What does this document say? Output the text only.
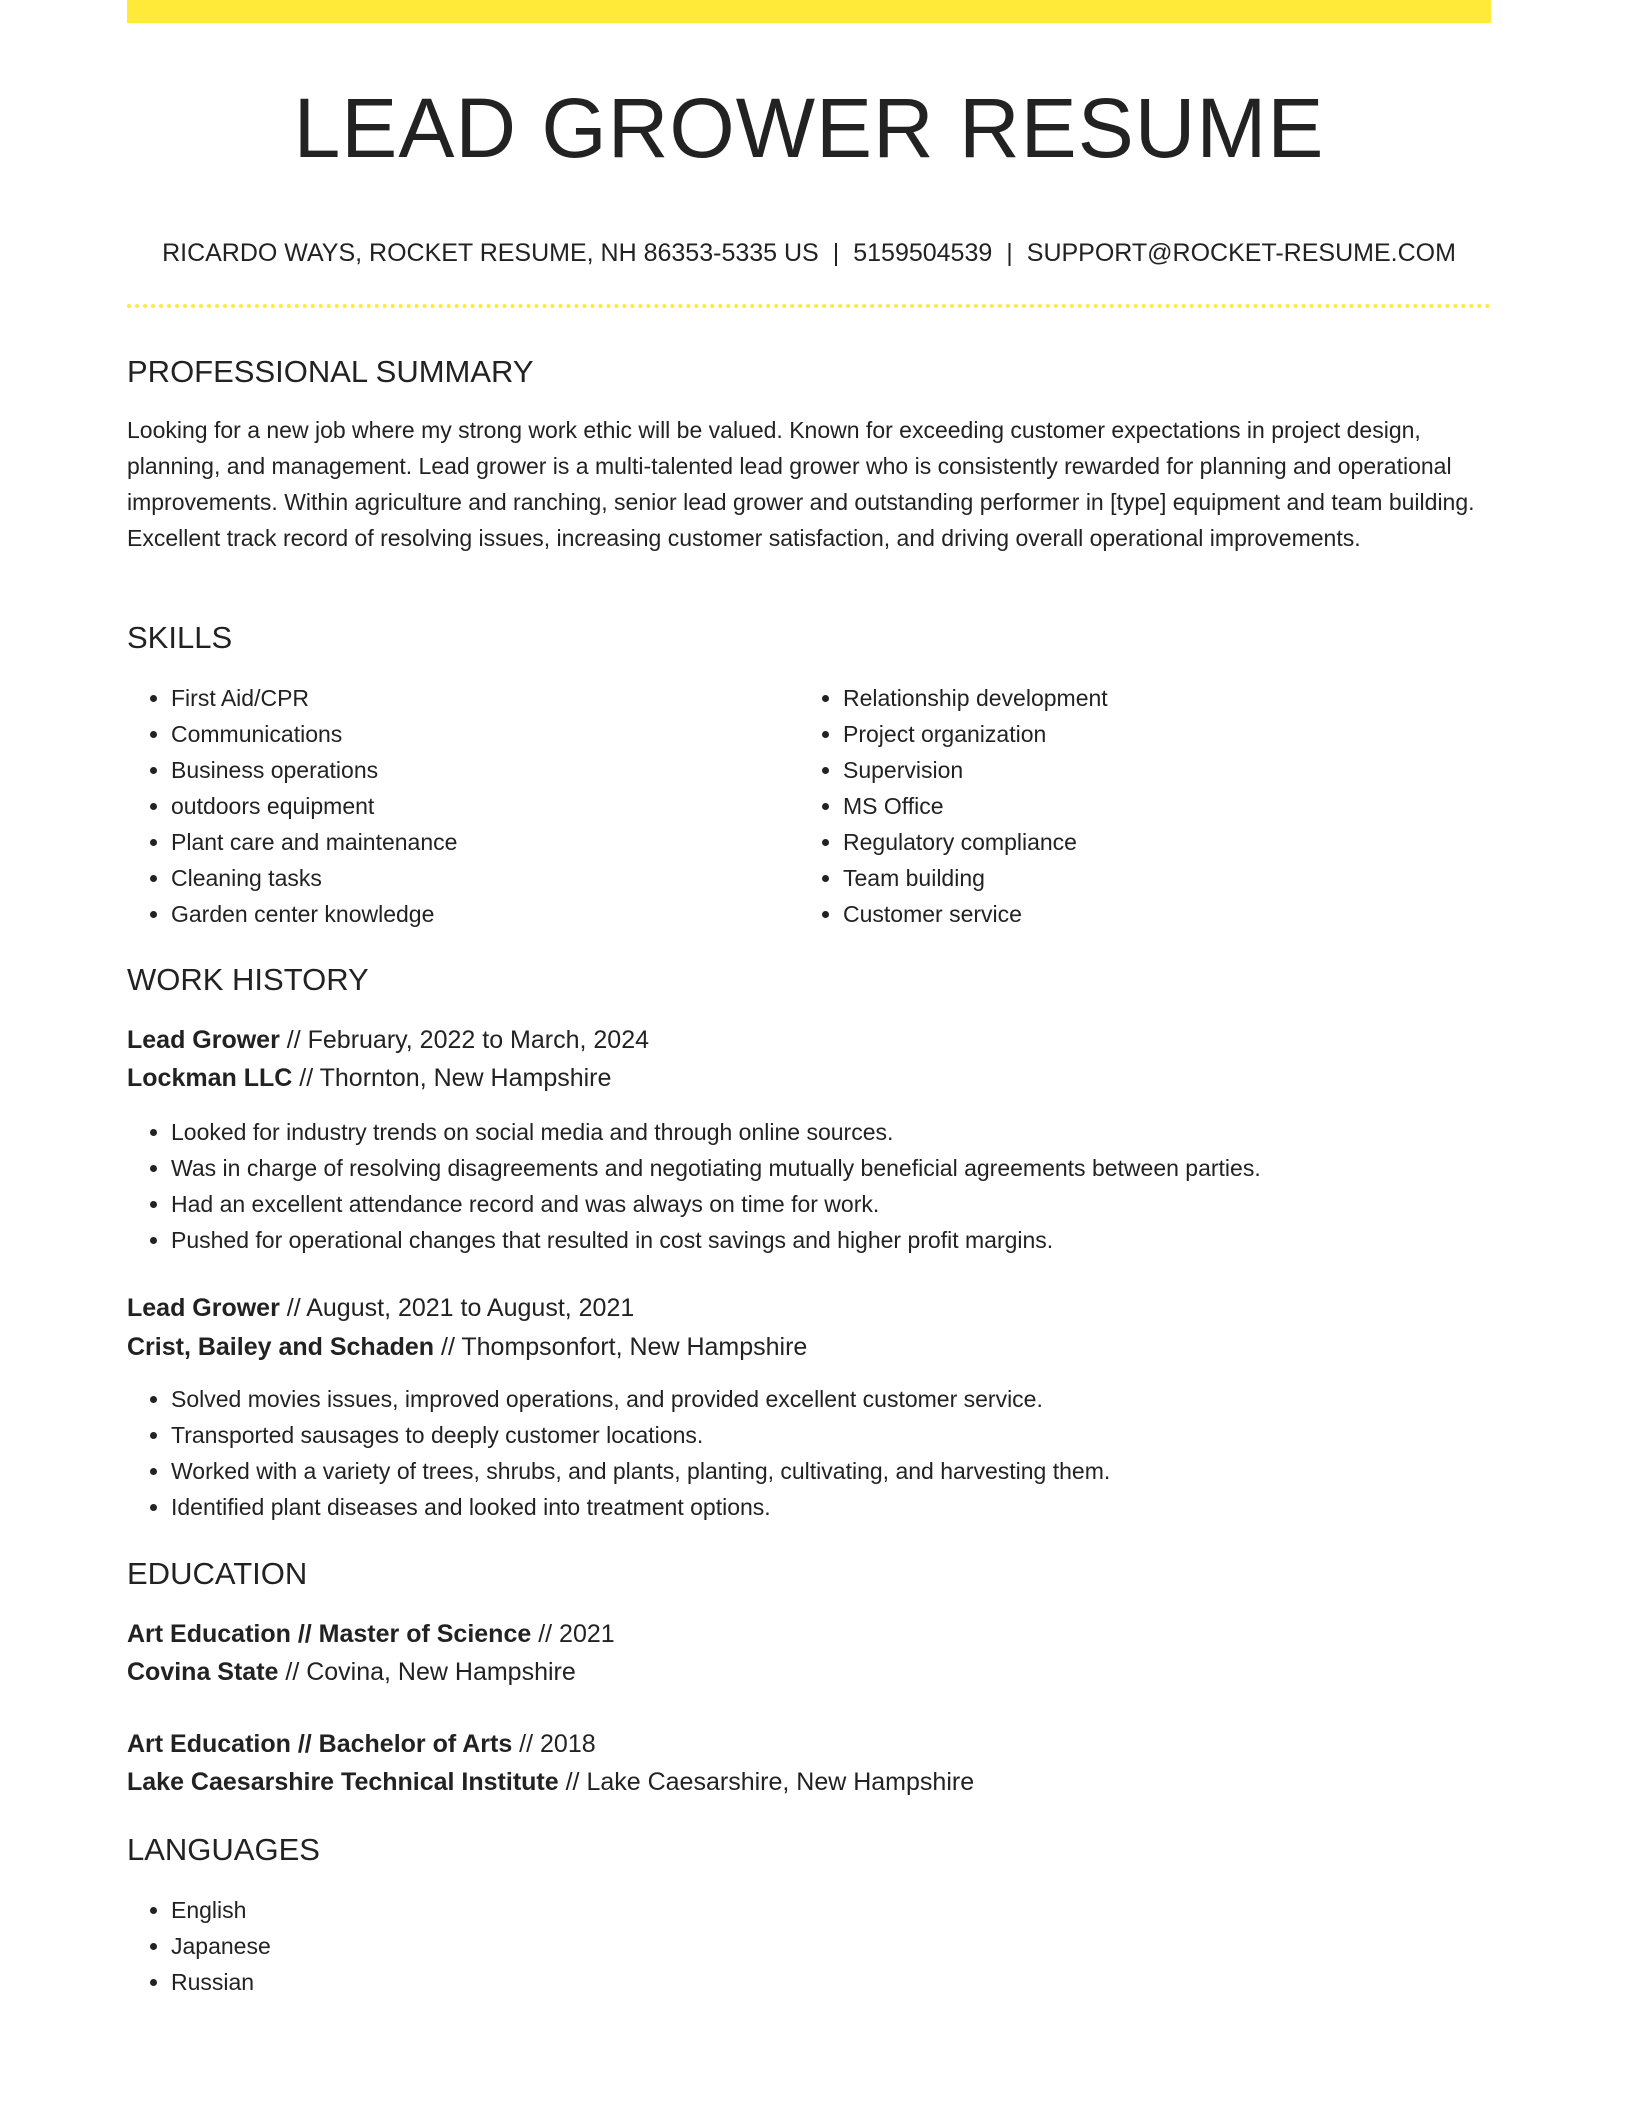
LEAD GROWER RESUME
RICARDO WAYS, ROCKET RESUME, NH 86353-5335 US | 5159504539 | SUPPORT@ROCKET-RESUME.COM
PROFESSIONAL SUMMARY

Looking for a new job where my strong work ethic will be valued. Known for exceeding customer expectations in project design, planning, and management. Lead grower is a multi-talented lead grower who is consistently rewarded for planning and operational improvements. Within agriculture and ranching, senior lead grower and outstanding performer in [type] equipment and team building. Excellent track record of resolving issues, increasing customer satisfaction, and driving overall operational improvements.

SKILLS
• First Aid/CPR
• Communications
• Business operations
• outdoors equipment
• Plant care and maintenance
• Cleaning tasks
• Garden center knowledge
• Relationship development
• Project organization
• Supervision
• MS Office
• Regulatory compliance
• Team building
• Customer service
WORK HISTORY
Lead Grower // February, 2022 to March, 2024
Lockman LLC // Thornton, New Hampshire
• Looked for industry trends on social media and through online sources.
• Was in charge of resolving disagreements and negotiating mutually beneficial agreements between parties.
• Had an excellent attendance record and was always on time for work.
• Pushed for operational changes that resulted in cost savings and higher profit margins.
Lead Grower // August, 2021 to August, 2021
Crist, Bailey and Schaden // Thompsonfort, New Hampshire
• Solved movies issues, improved operations, and provided excellent customer service.
• Transported sausages to deeply customer locations.
• Worked with a variety of trees, shrubs, and plants, planting, cultivating, and harvesting them.
• Identified plant diseases and looked into treatment options.
EDUCATION
Art Education // Master of Science // 2021
Covina State // Covina, New Hampshire
Art Education // Bachelor of Arts // 2018
Lake Caesarshire Technical Institute // Lake Caesarshire, New Hampshire
LANGUAGES
• English
• Japanese
• Russian
